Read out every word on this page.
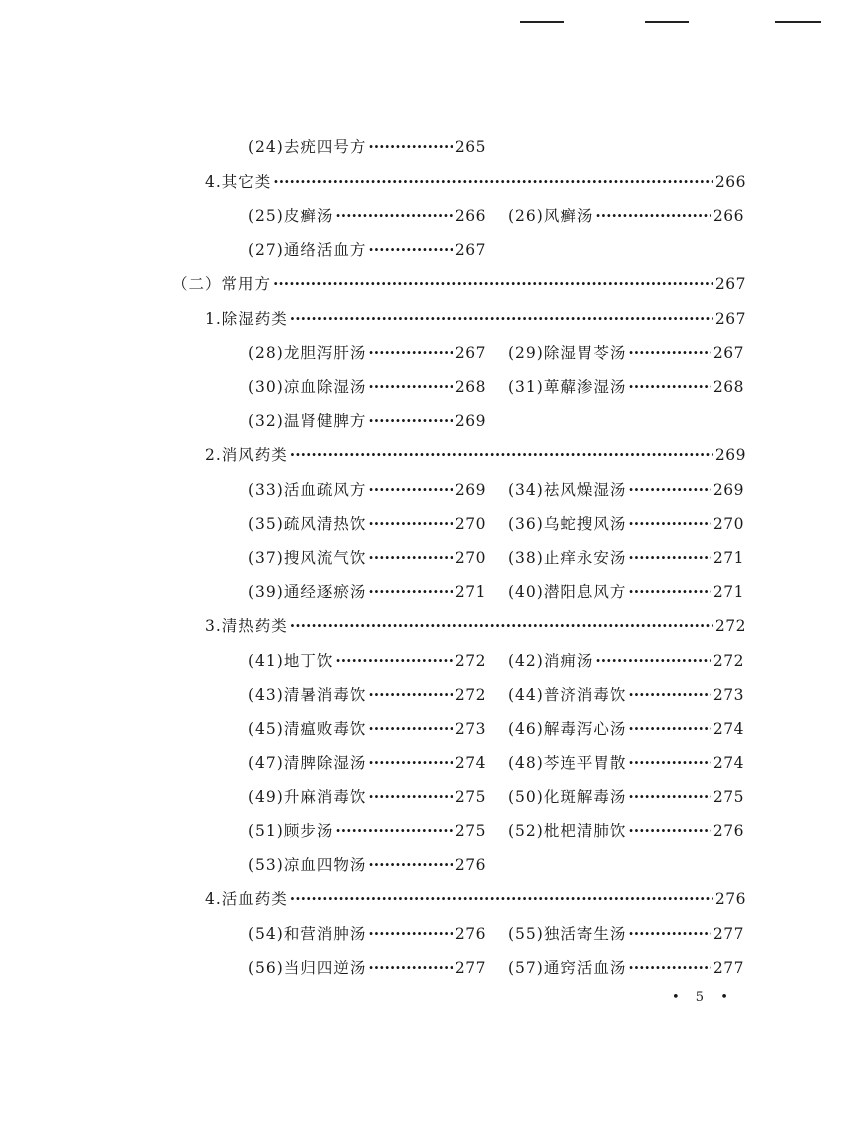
(24)去疣四号方 ·····	265
4.其它类 ·····	266
(25)皮癣汤 ·····	266 (26)风癣汤 ·····	266
(27)通络活血方 ·····	267
（二）常用方 ·····	267
1.除湿药类 ·····	267
(28)龙胆泻肝汤 ·····	267 (29)除湿胃苓汤 ·····	267
(30)凉血除湿汤 ·····	268 (31)萆薢渗湿汤 ·····	268
(32)温肾健脾方 ·····	269
2.消风药类 ·····	269
(33)活血疏风方 ·····	269 (34)祛风燥湿汤 ·····	269
(35)疏风清热饮 ·····	270 (36)乌蛇搜风汤 ·····	270
(37)搜风流气饮 ·····	270 (38)止痒永安汤 ·····	271
(39)通经逐瘀汤 ·····	271 (40)潜阳息风方 ·····	271
3.清热药类 ·····	272
(41)地丁饮 ·····	272 (42)消痈汤 ·····	272
(43)清暑消毒饮 ·····	272 (44)普济消毒饮 ·····	273
(45)清瘟败毒饮 ·····	273 (46)解毒泻心汤 ·····	274
(47)清脾除湿汤 ·····	274 (48)芩连平胃散 ·····	274
(49)升麻消毒饮 ·····	275 (50)化斑解毒汤 ·····	275
(51)顾步汤 ·····	275 (52)枇杷清肺饮 ·····	276
(53)凉血四物汤 ·····	276
4.活血药类 ·····	276
(54)和营消肿汤 ·····	276 (55)独活寄生汤 ·····	277
(56)当归四逆汤 ·····	277 (57)通窍活血汤 ·····	277
• 5 •
